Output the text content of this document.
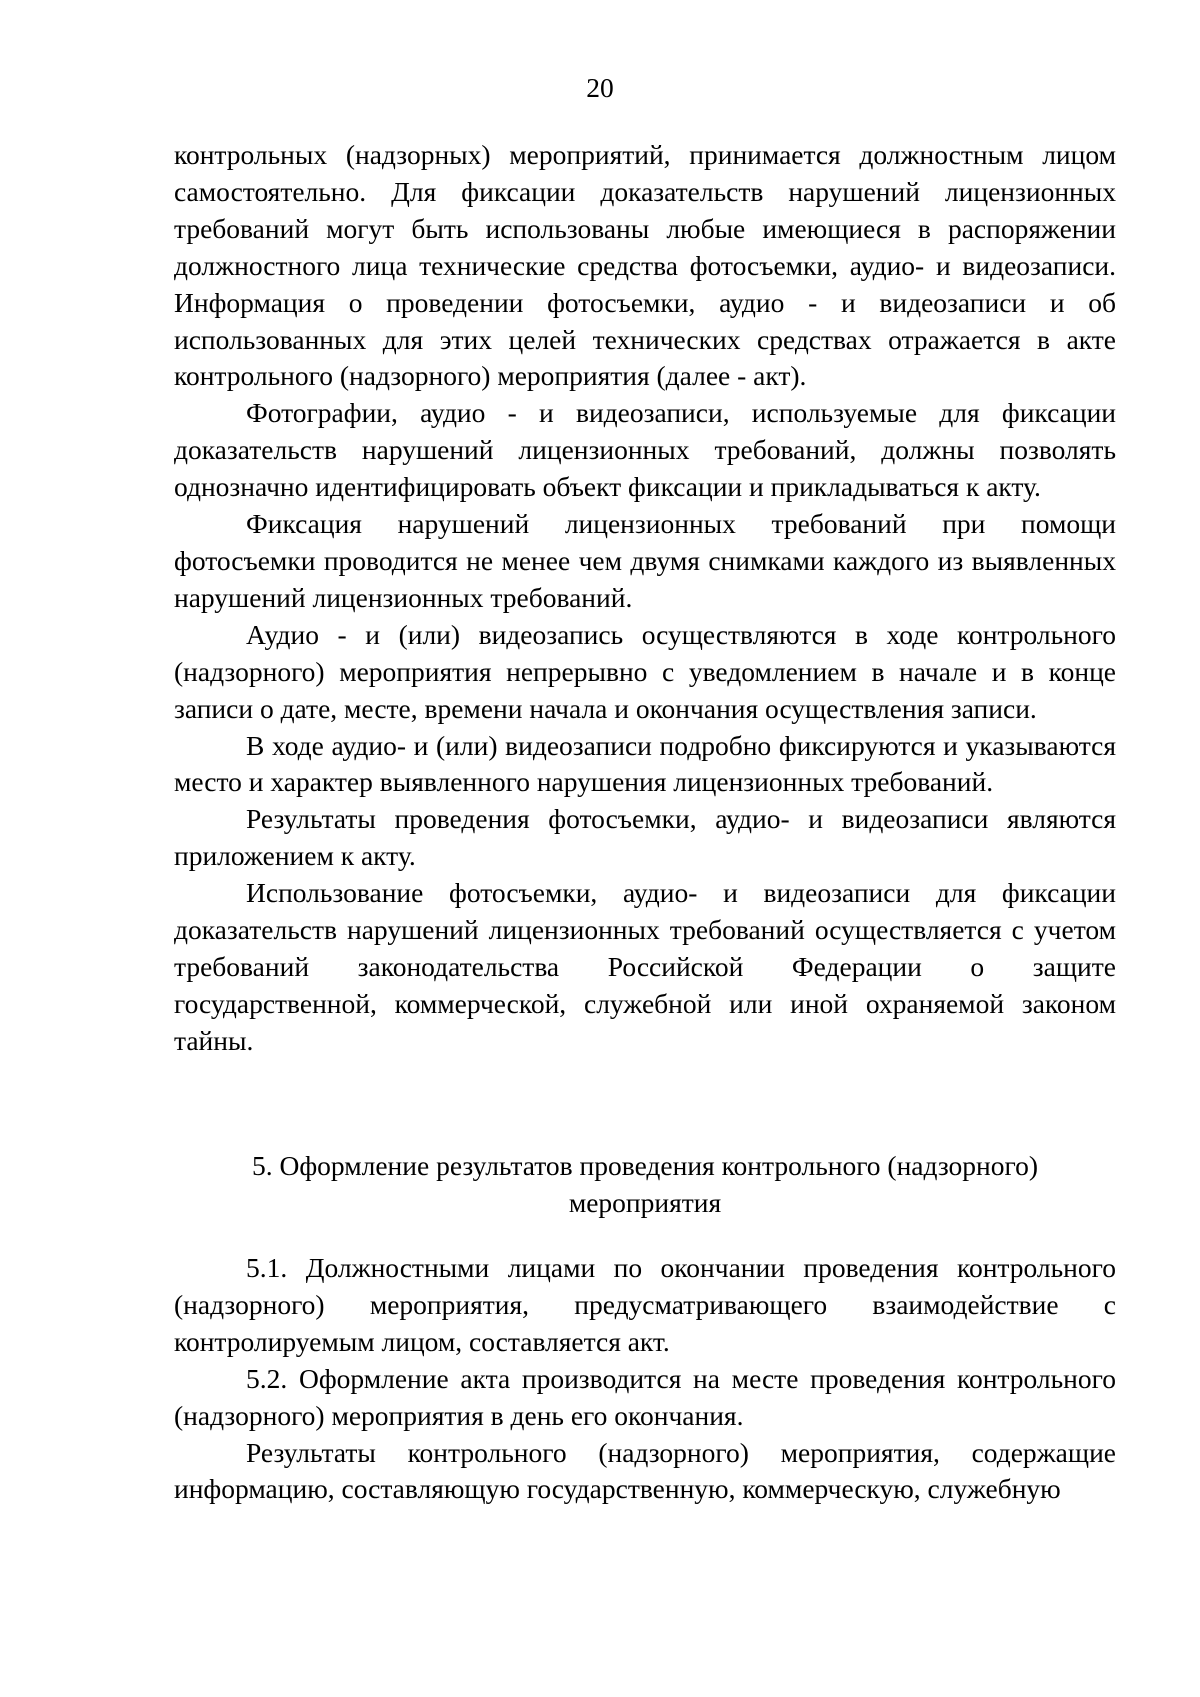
20

контрольных (надзорных) мероприятий, принимается должностным лицом самостоятельно. Для фиксации доказательств нарушений лицензионных требований могут быть использованы любые имеющиеся в распоряжении должностного лица технические средства фотосъемки, аудио- и видеозаписи. Информация о проведении фотосъемки, аудио - и видеозаписи и об использованных для этих целей технических средствах отражается в акте контрольного (надзорного) мероприятия (далее - акт).

Фотографии, аудио - и видеозаписи, используемые для фиксации доказательств нарушений лицензионных требований, должны позволять однозначно идентифицировать объект фиксации и прикладываться к акту.

Фиксация нарушений лицензионных требований при помощи фотосъемки проводится не менее чем двумя снимками каждого из выявленных нарушений лицензионных требований.

Аудио - и (или) видеозапись осуществляются в ходе контрольного (надзорного) мероприятия непрерывно с уведомлением в начале и в конце записи о дате, месте, времени начала и окончания осуществления записи.

В ходе аудио- и (или) видеозаписи подробно фиксируются и указываются место и характер выявленного нарушения лицензионных требований.

Результаты проведения фотосъемки, аудио- и видеозаписи являются приложением к акту.

Использование фотосъемки, аудио- и видеозаписи для фиксации доказательств нарушений лицензионных требований осуществляется с учетом требований законодательства Российской Федерации о защите государственной, коммерческой, служебной или иной охраняемой законом тайны.

5. Оформление результатов проведения контрольного (надзорного)
мероприятия

5.1. Должностными лицами по окончании проведения контрольного (надзорного) мероприятия, предусматривающего взаимодействие с контролируемым лицом, составляется акт.

5.2. Оформление акта производится на месте проведения контрольного (надзорного) мероприятия в день его окончания.

Результаты контрольного (надзорного) мероприятия, содержащие информацию, составляющую государственную, коммерческую, служебную
